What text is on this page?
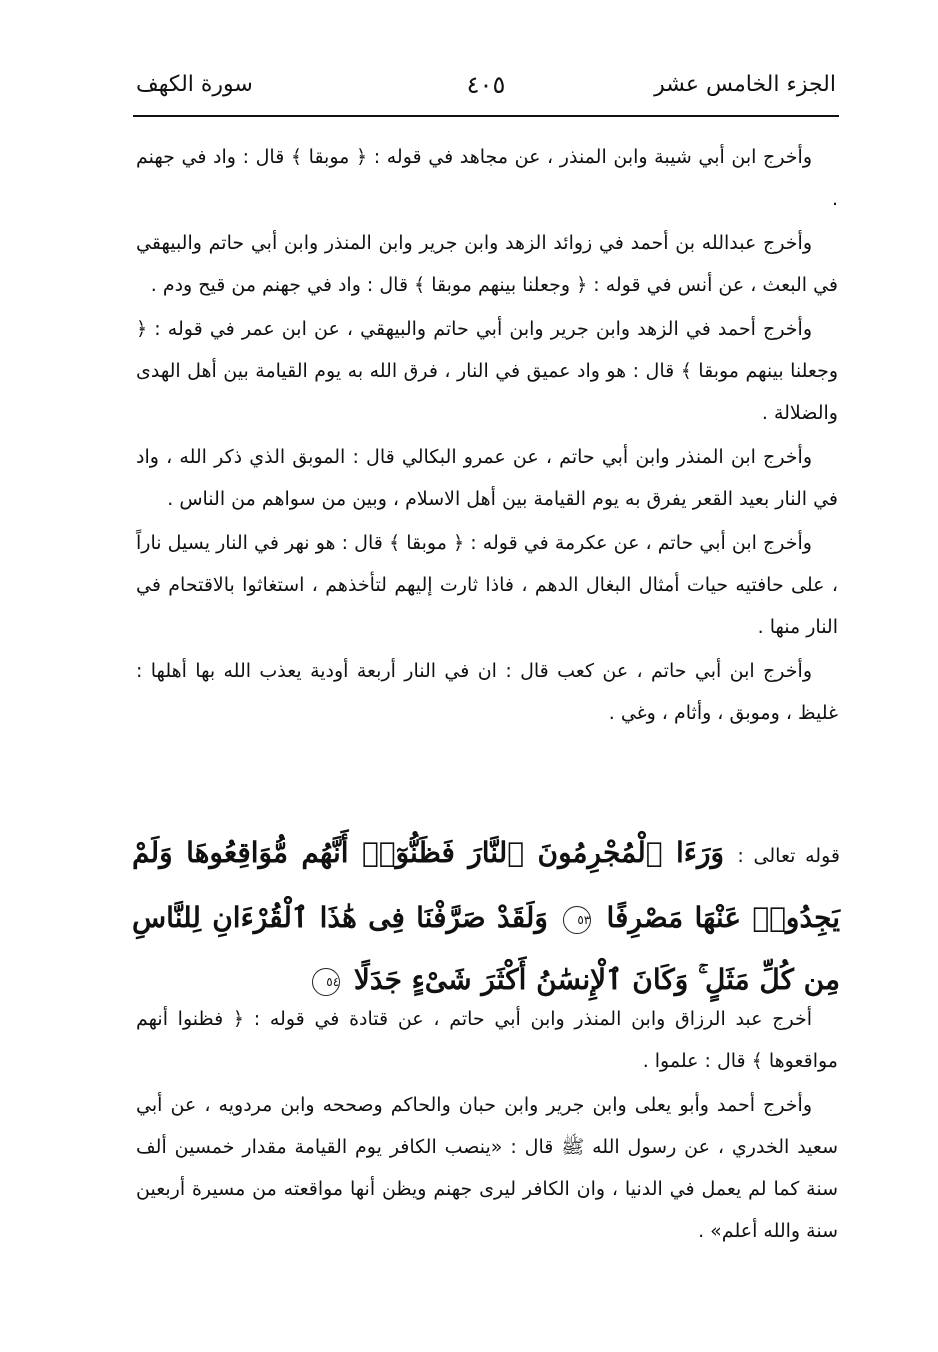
الجزء الخامس عشر
٤٠٥
سورة الكهف

وأخرج ابن أبي شيبة وابن المنذر ، عن مجاهد في قوله : ﴿ موبقا ﴾ قال : واد في جهنم .

وأخرج عبدالله بن أحمد في زوائد الزهد وابن جرير وابن المنذر وابن أبي حاتم والبيهقي في البعث ، عن أنس في قوله : ﴿ وجعلنا بينهم موبقا ﴾ قال : واد في جهنم من قيح ودم .

وأخرج أحمد في الزهد وابن جرير وابن أبي حاتم والبيهقي ، عن ابن عمر في قوله : ﴿ وجعلنا بينهم موبقا ﴾ قال : هو واد عميق في النار ، فرق الله به يوم القيامة بين أهل الهدى والضلالة .

وأخرج ابن المنذر وابن أبي حاتم ، عن عمرو البكالي قال : الموبق الذي ذكر الله ، واد في النار بعيد القعر يفرق به يوم القيامة بين أهل الاسلام ، وبين من سواهم من الناس .

وأخرج ابن أبي حاتم ، عن عكرمة في قوله : ﴿ موبقا ﴾ قال : هو نهر في النار يسيل ناراً ، على حافتيه حيات أمثال البغال الدهم ، فاذا ثارت إليهم لتأخذهم ، استغاثوا بالاقتحام في النار منها .

وأخرج ابن أبي حاتم ، عن كعب قال : ان في النار أربعة أودية يعذب الله بها أهلها : غليظ ، وموبق ، وأثام ، وغي .

قوله تعالى : وَرَءَا ٱلْمُجْرِمُونَ ٱلنَّارَ فَظَنُّوٓا۟ أَنَّهُم مُّوَاقِعُوهَا وَلَمْ يَجِدُوا۟ عَنْهَا مَصْرِفًا ٥٣ وَلَقَدْ صَرَّفْنَا فِى هَٰذَا ٱلْقُرْءَانِ لِلنَّاسِ مِن كُلِّ مَثَلٍ ۚ وَكَانَ ٱلْإِنسَٰنُ أَكْثَرَ شَىْءٍ جَدَلًا ٥٤

أخرج عبد الرزاق وابن المنذر وابن أبي حاتم ، عن قتادة في قوله : ﴿ فظنوا أنهم مواقعوها ﴾ قال : علموا .

وأخرج أحمد وأبو يعلى وابن جرير وابن حبان والحاكم وصححه وابن مردويه ، عن أبي سعيد الخدري ، عن رسول الله ﷺ قال : «ينصب الكافر يوم القيامة مقدار خمسين ألف سنة كما لم يعمل في الدنيا ، وان الكافر ليرى جهنم ويظن أنها مواقعته من مسيرة أربعين سنة والله أعلم» .
